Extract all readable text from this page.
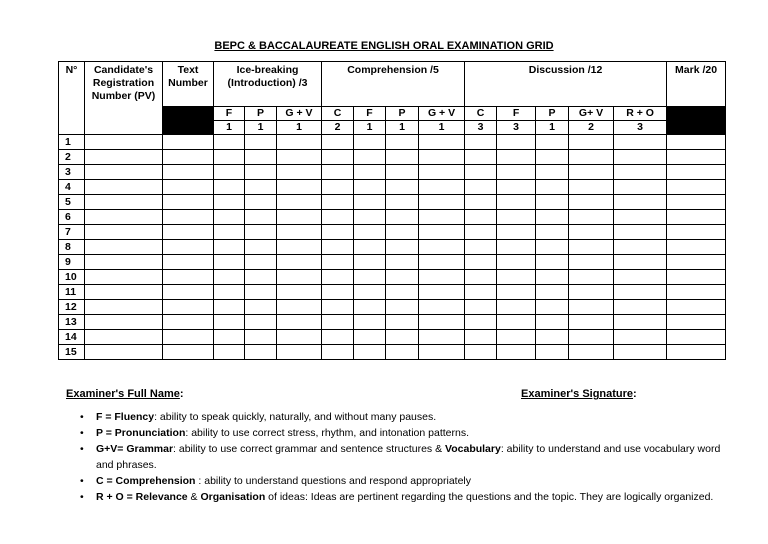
BEPC & BACCALAUREATE ENGLISH ORAL EXAMINATION GRID
N°	Candidate's Registration Number (PV)	Text Number	Ice-breaking (Introduction) /3			Comprehension /5				Discussion /12					Mark /20
			F	P	G + V	C	F	P	G + V	C	F	P	G+ V	R + O	
			1	1	1	2	1	1	1	3	3	1	2	3	
1															
2															
3															
4															
5															
6															
7															
8															
9															
10															
11															
12															
13															
14															
15															
Examiner's Full Name:	Examiner's Signature:
• F = Fluency: ability to speak quickly, naturally, and without many pauses.
• P = Pronunciation: ability to use correct stress, rhythm, and intonation patterns.
• G+V= Grammar: ability to use correct grammar and sentence structures & Vocabulary: ability to understand and use vocabulary word and phrases.
• C = Comprehension : ability to understand questions and respond appropriately
• R + O = Relevance & Organisation of ideas: Ideas are pertinent regarding the questions and the topic. They are logically organized.
